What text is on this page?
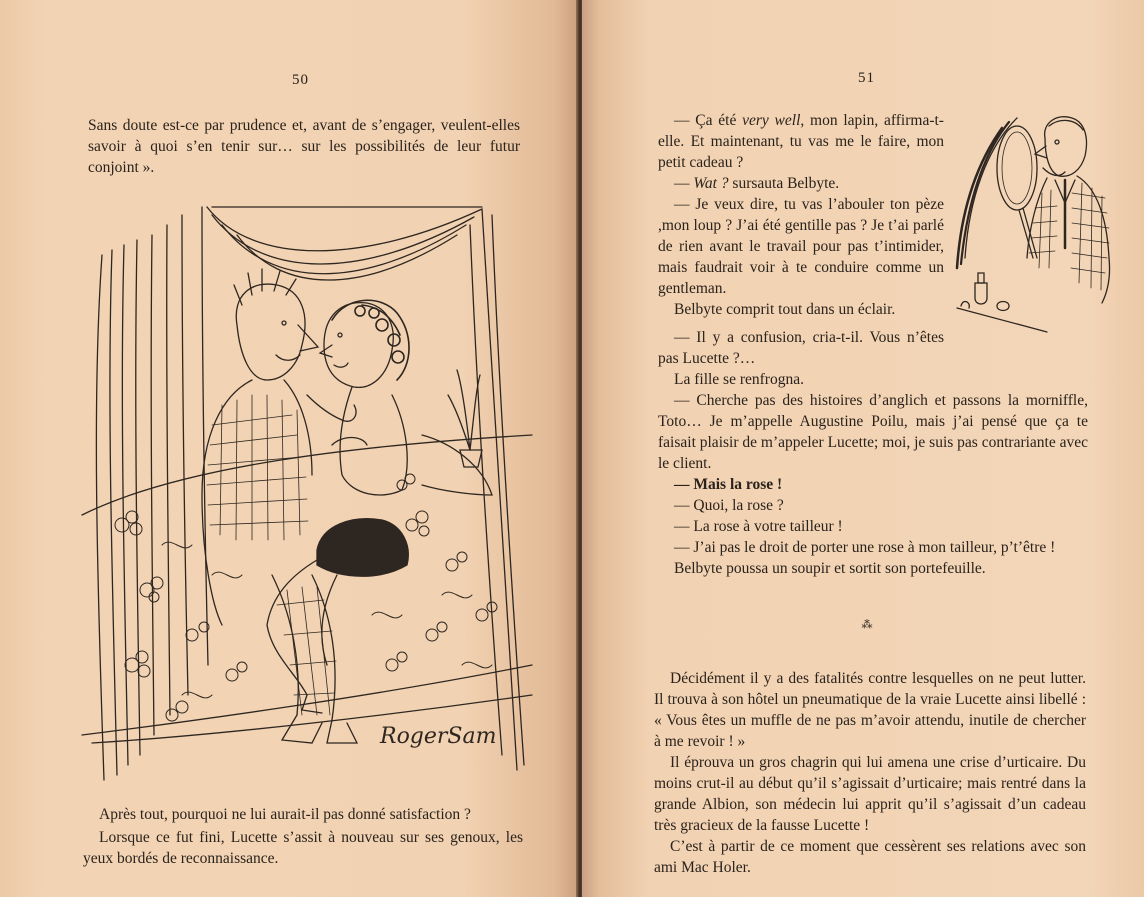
50

Sans doute est-ce par prudence et, avant de s’engager, veulent-elles savoir à quoi s’en tenir sur… sur les possibilités de leur futur conjoint ».

RogerSam

Après tout, pourquoi ne lui aurait-il pas donné satisfaction ?

Lorsque ce fut fini, Lucette s’assit à nouveau sur ses genoux, les yeux bordés de reconnaissance.

51

— Ça été very well, mon lapin, affirma-t-elle. Et maintenant, tu vas me le faire, mon petit cadeau ?

— Wat ? sursauta Belbyte.

— Je veux dire, tu vas l’abouler ton pèze ,mon loup ? J’ai été gentille pas ? Je t’ai parlé de rien avant le travail pour pas t’intimider, mais faudrait voir à te conduire comme un gentleman.

Belbyte comprit tout dans un éclair.

— Il y a confusion, cria-t-il. Vous n’êtes pas Lucette ?…

La fille se renfrogna.

— Cherche pas des histoires d’anglich et passons la morniffle, Toto… Je m’appelle Augustine Poilu, mais j’ai pensé que ça te faisait plaisir de m’appeler Lucette; moi, je suis pas contrariante avec le client.

— Mais la rose !

— Quoi, la rose ?

— La rose à votre tailleur !

— J’ai pas le droit de porter une rose à mon tailleur, p’t’être !

Belbyte poussa un soupir et sortit son portefeuille.

⁂

Décidément il y a des fatalités contre lesquelles on ne peut lutter. Il trouva à son hôtel un pneumatique de la vraie Lucette ainsi libellé : « Vous êtes un muffle de ne pas m’avoir attendu, inutile de chercher à me revoir ! »

Il éprouva un gros chagrin qui lui amena une crise d’urticaire. Du moins crut-il au début qu’il s’agissait d’urticaire; mais rentré dans la grande Albion, son médecin lui apprit qu’il s’agissait d’un cadeau très gracieux de la fausse Lucette !

C’est à partir de ce moment que cessèrent ses relations avec son ami Mac Holer.
